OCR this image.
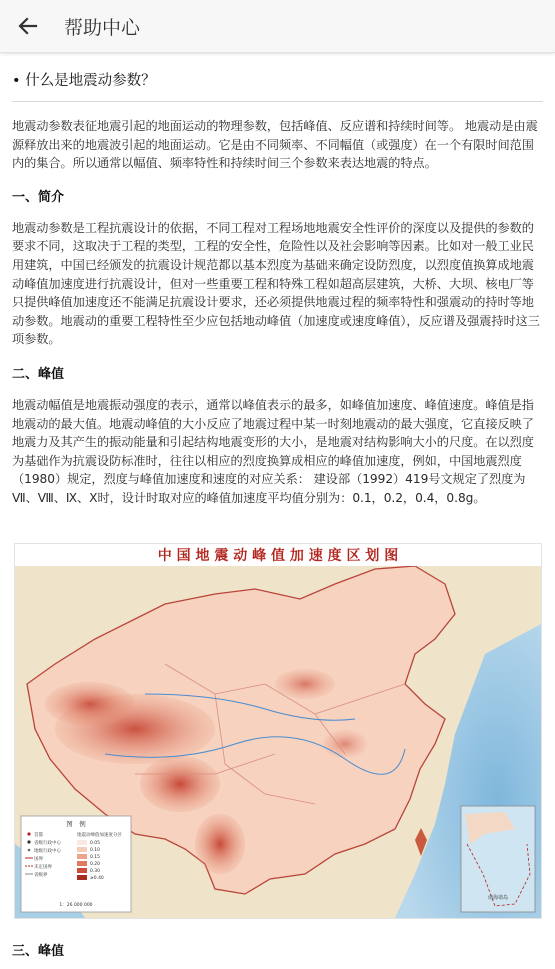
帮助中心
• 什么是地震动参数？

地震动参数表征地震引起的地面运动的物理参数，包括峰值、反应谱和持续时间等。 地震动是由震源释放出来的地震波引起的地面运动。它是由不同频率、不同幅值（或强度）在一个有限时间范围内的集合。所以通常以幅值、频率特性和持续时间三个参数来表达地震的特点。

一、简介

地震动参数是工程抗震设计的依据，不同工程对工程场地地震安全性评价的深度以及提供的参数的要求不同，这取决于工程的类型，工程的安全性，危险性以及社会影响等因素。比如对一般工业民用建筑，中国已经颁发的抗震设计规范都以基本烈度为基础来确定设防烈度，以烈度值换算成地震动峰值加速度进行抗震设计，但对一些重要工程和特殊工程如超高层建筑，大桥、大坝、核电厂等只提供峰值加速度还不能满足抗震设计要求，还必须提供地震过程的频率特性和强震动的持时等地动参数。地震动的重要工程特性至少应包括地动峰值（加速度或速度峰值），反应谱及强震持时这三项参数。

二、峰值

地震动幅值是地震振动强度的表示，通常以峰值表示的最多，如峰值加速度、峰值速度。峰值是指地震动的最大值。地震动峰值的大小反应了地震过程中某一时刻地震动的最大强度，它直接反映了地震力及其产生的振动能量和引起结构地震变形的大小，是地震对结构影响大小的尺度。在以烈度为基础作为抗震设防标准时，往往以相应的烈度换算成相应的峰值加速度，例如，中国地震烈度（1980）规定，烈度与峰值加速度和速度的对应关系： 建设部（1992）419号文规定了烈度为Ⅶ、Ⅷ、Ⅸ、Ⅹ时，设计时取对应的峰值加速度平均值分别为：0.1，0.2，0.4，0.8g。

中 国 地 震 动 峰 值 加 速 度 区 划 图
图　例
首都
省级行政中心
地级行政中心
国界
未定国界
省级界
地震动峰值加速度分区
0.05
0.10
0.15
0.20
0.30
≥0.40
1：26 000 000
南海诸岛
三、峰值
